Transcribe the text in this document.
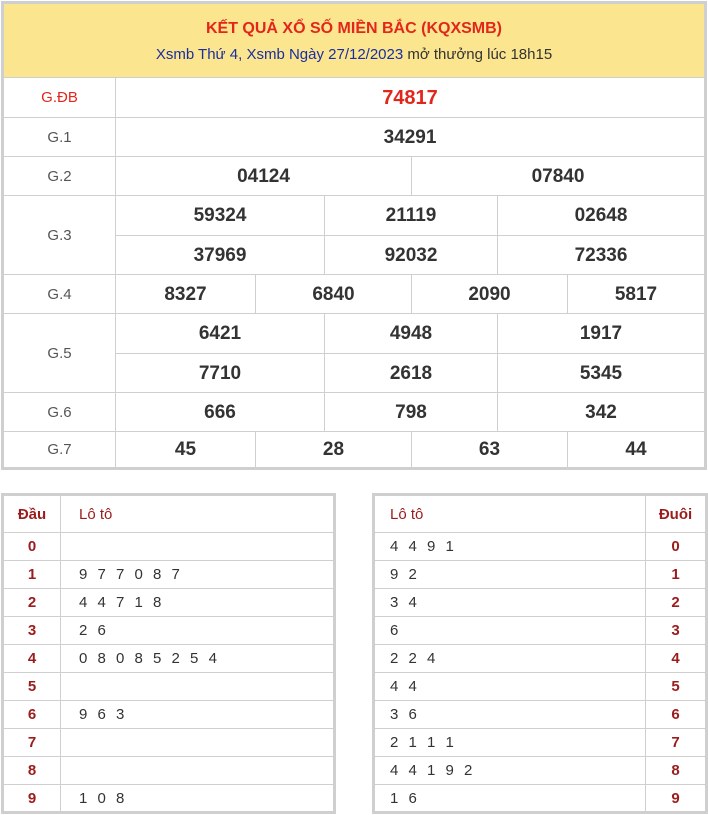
KẾT QUẢ XỔ SỐ MIỀN BẮC (KQXSMB)
Xsmb Thứ 4, Xsmb Ngày 27/12/2023 mở thưởng lúc 18h15
G.ĐB	74817
G.1	34291
G.2	04124	07840
G.3
59324	21119	02648
37969	92032	72336
G.4	8327	6840	2090	5817
G.5
6421	4948	1917
7710	2618	5345
G.6	666	798	342
G.7	45	28	63	44
Đầu	Lô tô
0
1	9 7 7 0 8 7
2	4 4 7 1 8
3	2 6
4	0 8 0 8 5 2 5 4
5
6	9 6 3
7
8
9	1 0 8
Lô tô	Đuôi
4 4 9 1	0
9 2	1
3 4	2
6	3
2 2 4	4
4 4	5
3 6	6
2 1 1 1	7
4 4 1 9 2	8
1 6	9
